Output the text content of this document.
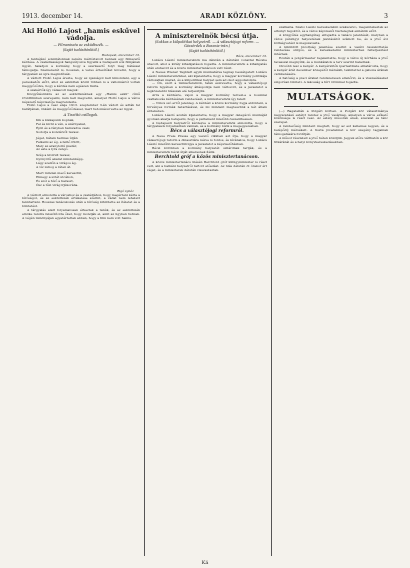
1913. december 14.	ARADI KÖZLÖNY.	3
Aki Holló Lajost „hamis eskűvel vádolja.
— Filmaniszta az esküdtszék. —
(Saját tudósítónktól.)
Budapest, december 13.

A fenhéjázó soknilátoknak zenére méltóztatott bennek egy filmszerű kérdése. A családiasságok hangsúlyozva figyelik a budapesti sok filmjának ügyét, haladjon a kormány, hogy a szerkesztő folyt meg hálással támogatja. Szemenerét is, hosszan, a veres értesítőket követni, hogy a tárgyalást az ujra megindítsák.

A vádlott Holló Lajos érezte, hogy az igazságot kell kimondani, egy a pereskedők előtt, ahol az esküdtek közül többen is a vallomásról voltak meggyőződve, hogy a kérdés nem egészen tiszta.

A szakértők így válaszolt maguk:

Közgyűlésünkre az az esküdtszéknek egy „Hamis eskü” című rövidfilmben szerepelni, nem kell megvetni, amelyet Holló Lajos a város népszerű képviselője megrendezte.

Holló Lajos a vesz eleje 1913. szeptember 3-án vádolt és adták fel barátjának, önként és meggyőződéssel, mert tudomásul vette az ügyet.

A Tisztító csillagok.
Kik a kiskapunk kopnak,
Fel és kivül a vén, a szárnyakat,
Épül és a fényben hamvadva csak;
Sodorja a kondérzőt tavasz.
Jéget, hátam hermas útján
Felkelni az ég, a felhő fölött,
Mely az aranytollú madár,
Az este a lyra zengő.
Szép a kivirult tavasz,
Gyönyörű akarat mindenképp,
Lágy szellőn a virágos ág,
A víz zuhog a réten át.
Mert minden mező keresztül,
Elmegy a sötét utcákon,
És szól a hívő a haraszt,
Ősz a tűzi virág ifjúkorába.
Rigó Ignác

A vádlott elmondta a városhoz és a családjához, hogy megérteni kérte a bíróságot, és az esküdtszék értékelése szerint, a vádat nem lehetett fenntartani. Hosszas tanácskozás után a bíróság kihirdette az ítéletet és a büntetést.

A tárgyalás alatt folyamatosan érkeztek a tanúk, és az esküdtszék elnöke rendre felszólította őket, hogy mondják el, amit az ügyben tudnak. A végén mindnyájan egyetértettek abban, hogy a film nem volt hamis.

A miniszterelnök bécsi útja.
(Sokkos a külpolitikai helyzetről. — A választójogi reform. — Gázsérdek a Bosznia-irán.)
(Saját tudósítónktól.)
Bécs, december 13.

Lukács László miniszterelnök ma délután a délutáni vonattal Bécsbe utazott, ahol a király kihallgatáson fogadta. A miniszterelnök a kihallgatás után elutazott és a közös minisztertanácson vett részt.

A Neues Wiener Tagblatt egyik munkatársa tegnap beszélgetett Lukács László miniszterelnökkel, aki kijelentette, hogy a magyar kormány politikája változatlan marad, és a külpolitikai helyzet sem ad okot aggodalomra.

— Ön, szólt a miniszterelnök, talán észrevette, hogy a választójogi reform ügyében a kormány álláspontja nem változott, és a javaslatot a legközelebbi ülésszak elé terjesztjük.

Arra a kérdésre, vajon a magyar kormány tervezi-e a boszniai csatlakozás kérdésének rendezését, a miniszterelnök így felelt:

— Nincs szó erről jelenleg. A kérdést a közös kormány fogja eldönteni, a törvényes formák betartásával, és mi mindent megteszünk a két állam érdekében.

Lukács László azután kijelentette, hogy a magyar delegáció munkáját gyorsan akarja befejezni, hogy a parlament mielőbb összeülhessen.

A budapesti helyzetről kérdezve a miniszterelnök elmondta, hogy a tárgyalások folyamatban vannak, és a kormány bízik a megegyezésben.

Bécs a választójogi reformról.

A Neue Freie Presse egy vezető cikkben azt írja, hogy a magyar választójogi reform a dinasztiára nézve is fontos, és kívánatos, hogy Lukács László mielőbb keresztülvigye a javaslatot a képviselőházban.

Bécsi körökben a kormány helyzetét szilárdnak tartják, és a miniszterelnök bécsi útját sikeresnek ítélik.

Berchtold gróf a közös minisztertanácson.

A közös minisztertanács ülésén Berchtold gróf külügyminiszter is részt vett, aki a balkáni helyzetről tartott előadást. Az ülés délután öt órakor ért véget, és a miniszterek délután visszautaztak.

szállásba. Szabó László kereskedelmi szakszerző, megemlékeztek az elhunyt tagokról, és a város képviselői tisztelegtek emlékük előtt.

A közgyűlés egyhangúlag elfogadta a tanács jelentését, melyben a város pénzügyi helyzetének javulásáról számolt be, és a jövő évi költségvetést is megszavazta.

A kiküldött bizottság jelentése szerint a vasúti összeköttetés rendezése sürgős, és a kereskedelmi miniszterhez felterjesztést intéznek.

Ezután a polgármester bejelentette, hogy a város új kórháza a jövő tavasszal megnyílik, és a munkálatok a terv szerint haladnak.

Olcsóbb lesz a kenyér. A kenyérsütők ipartestülete elhatározta, hogy a kenyér árát december közepétől mérsékli, tekintettel a gabona árának csökkenésére.

A hatóság a piaci árakat rendszeresen ellenőrzi, és a visszaéléseket szigorúan bünteti. A lakosság a hírt örömmel fogadta.

MULATSÁGOK.

(—) Bagatellák a Polgári körben. A Polgári kör választmánya nagyszabású estélyt rendez a jövő vasárnap, amelyen a város előkelő közönsége is részt vesz. Az estély műsorán ének, szavalat és tánc szerepel.

A rendezőség mindent megtett, hogy az est kellemes legyen, és a belépődíj mérsékelt. A tiszta jövedelmet a kör szegény tagjainak támogatására fordítják.

A műsor részleteit a jövő héten közöljük. Jegyek előre válthatók a kör titkáránál és a helyi könyvkereskedésekben.

Ká
